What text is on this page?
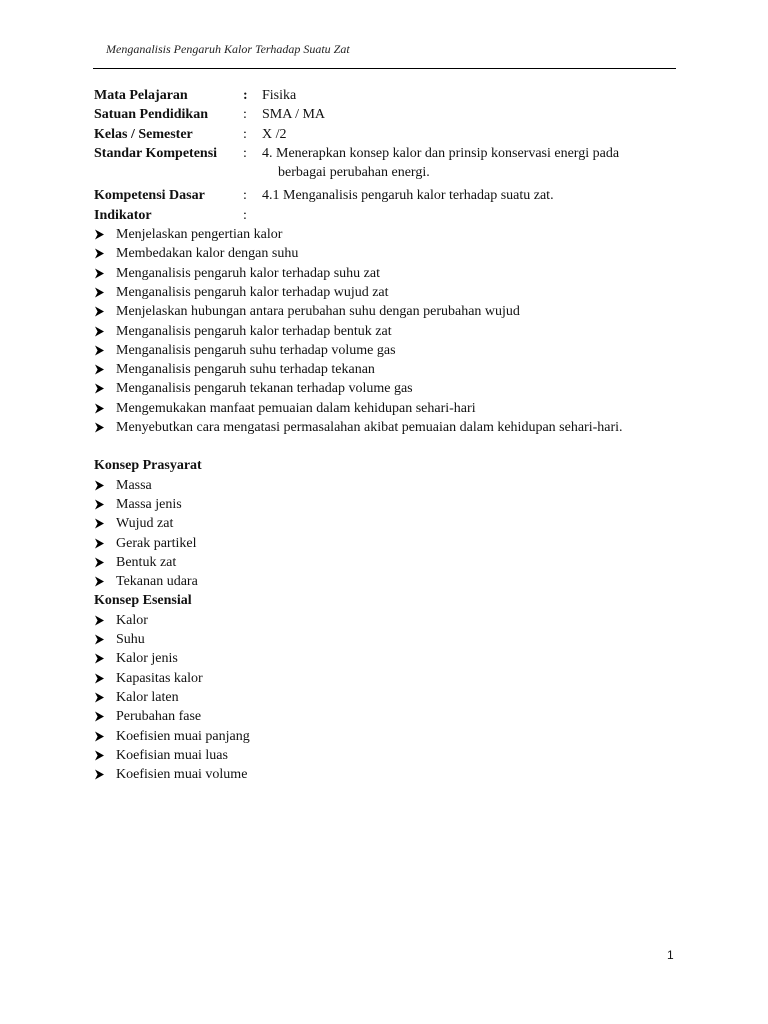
Menganalisis Pengaruh Kalor Terhadap Suatu Zat
Mata Pelajaran	:	Fisika
Satuan Pendidikan	:	SMA / MA
Kelas / Semester	:	X /2
Standar Kompetensi	:	4. Menerapkan konsep kalor dan prinsip konservasi energi pada
berbagai perubahan energi.
Kompetensi Dasar	:	4.1 Menganalisis pengaruh kalor terhadap suatu zat.
Indikator	:
Menjelaskan pengertian kalor
Membedakan kalor dengan suhu
Menganalisis pengaruh kalor terhadap suhu zat
Menganalisis pengaruh kalor terhadap wujud zat
Menjelaskan hubungan antara perubahan suhu dengan perubahan wujud
Menganalisis pengaruh kalor terhadap bentuk zat
Menganalisis pengaruh suhu terhadap volume gas
Menganalisis pengaruh suhu terhadap tekanan
Menganalisis pengaruh tekanan terhadap volume gas
Mengemukakan manfaat pemuaian dalam kehidupan sehari-hari
Menyebutkan cara mengatasi permasalahan akibat pemuaian dalam kehidupan sehari-hari.
Konsep Prasyarat
Massa
Massa jenis
Wujud zat
Gerak partikel
Bentuk zat
Tekanan udara
Konsep Esensial
Kalor
Suhu
Kalor jenis
Kapasitas kalor
Kalor laten
Perubahan fase
Koefisien muai panjang
Koefisian muai luas
Koefisien muai volume
1
